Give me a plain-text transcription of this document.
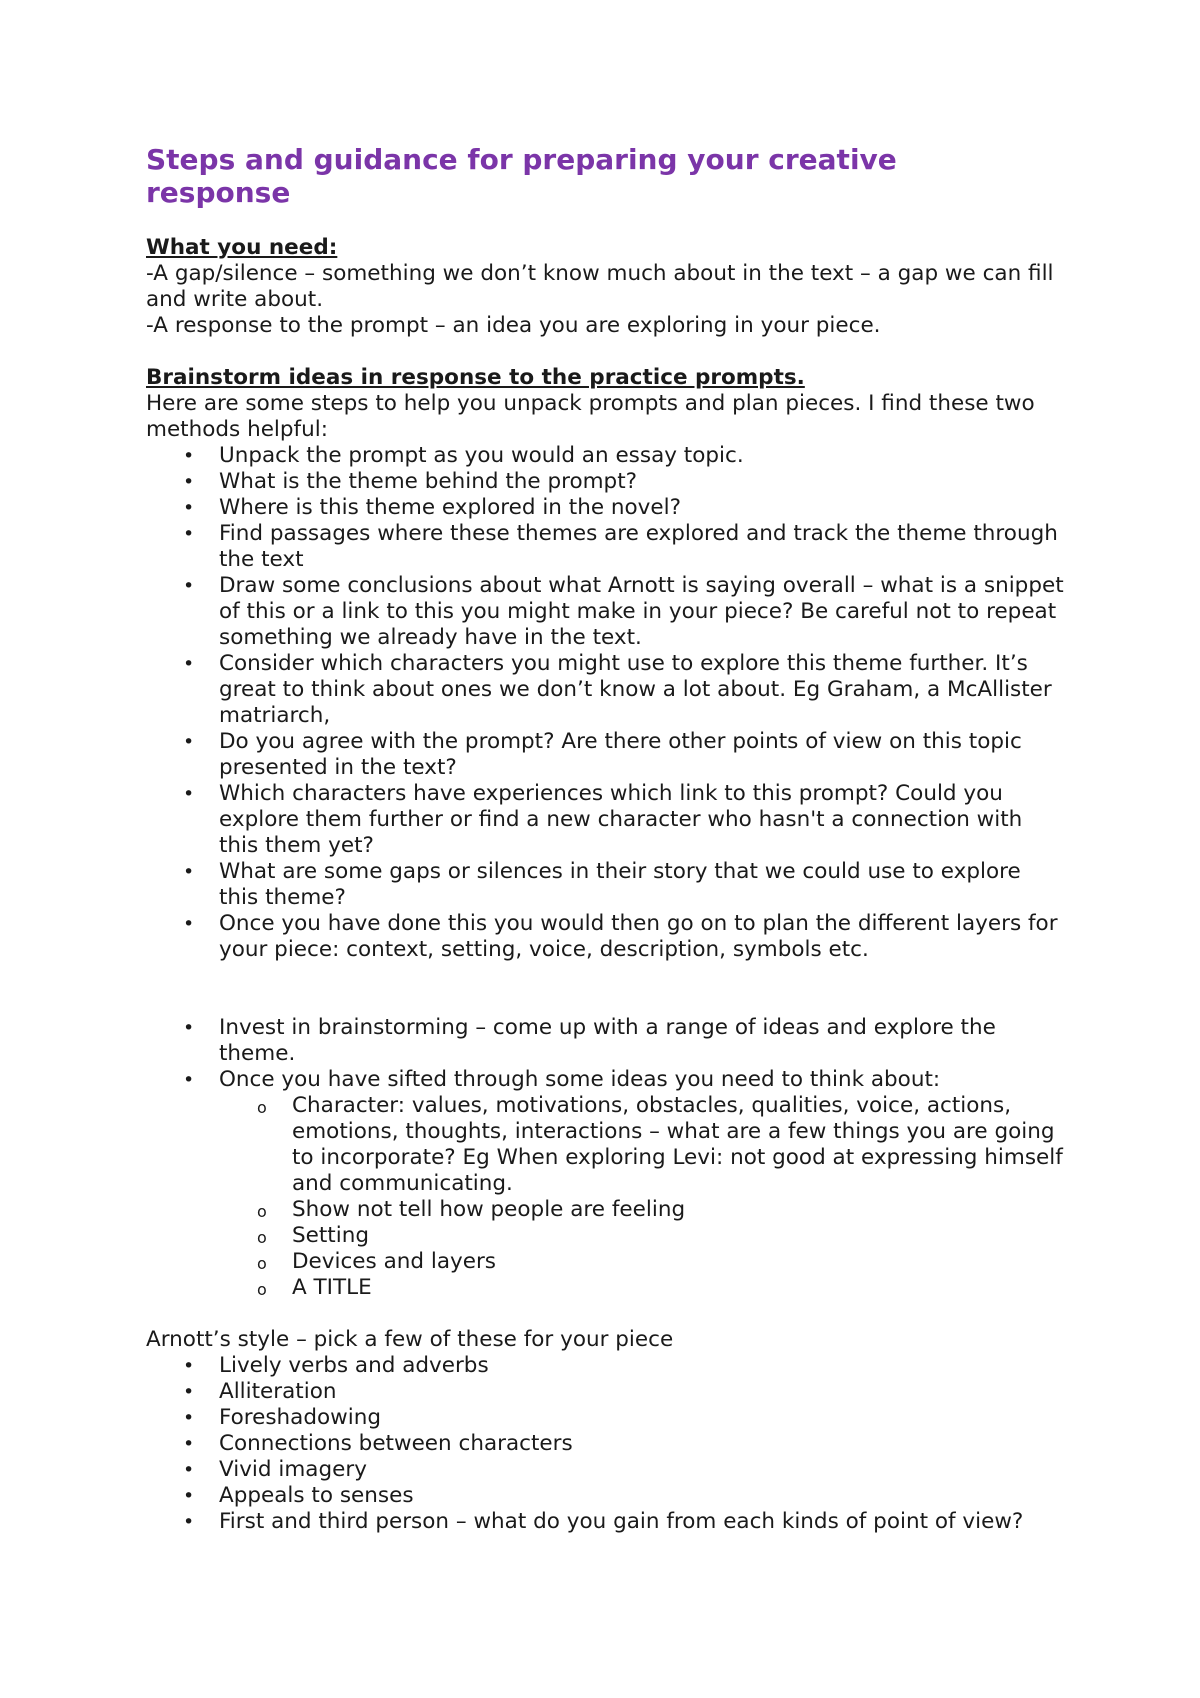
Steps and guidance for preparing your creative response

What you need:

-A gap/silence – something we don’t know much about in the text – a gap we can fill and write about.

-A response to the prompt – an idea you are exploring in your piece.

Brainstorm ideas in response to the practice prompts.

Here are some steps to help you unpack prompts and plan pieces. I find these two methods helpful:

• Unpack the prompt as you would an essay topic.
• What is the theme behind the prompt?
• Where is this theme explored in the novel?
• Find passages where these themes are explored and track the theme through the text
• Draw some conclusions about what Arnott is saying overall – what is a snippet of this or a link to this you might make in your piece? Be careful not to repeat something we already have in the text.
• Consider which characters you might use to explore this theme further. It’s great to think about ones we don’t know a lot about. Eg Graham, a McAllister matriarch,
• Do you agree with the prompt? Are there other points of view on this topic presented in the text?
• Which characters have experiences which link to this prompt? Could you explore them further or find a new character who hasn't a connection with this them yet?
• What are some gaps or silences in their story that we could use to explore this theme?
• Once you have done this you would then go on to plan the different layers for your piece: context, setting, voice, description, symbols etc.
• Invest in brainstorming – come up with a range of ideas and explore the theme.
• Once you have sifted through some ideas you need to think about:
o Character: values, motivations, obstacles, qualities, voice, actions, emotions, thoughts, interactions – what are a few things you are going to incorporate? Eg When exploring Levi: not good at expressing himself and communicating.
o Show not tell how people are feeling
o Setting
o Devices and layers
o A TITLE

Arnott’s style – pick a few of these for your piece

• Lively verbs and adverbs
• Alliteration
• Foreshadowing
• Connections between characters
• Vivid imagery
• Appeals to senses
• First and third person – what do you gain from each kinds of point of view?
